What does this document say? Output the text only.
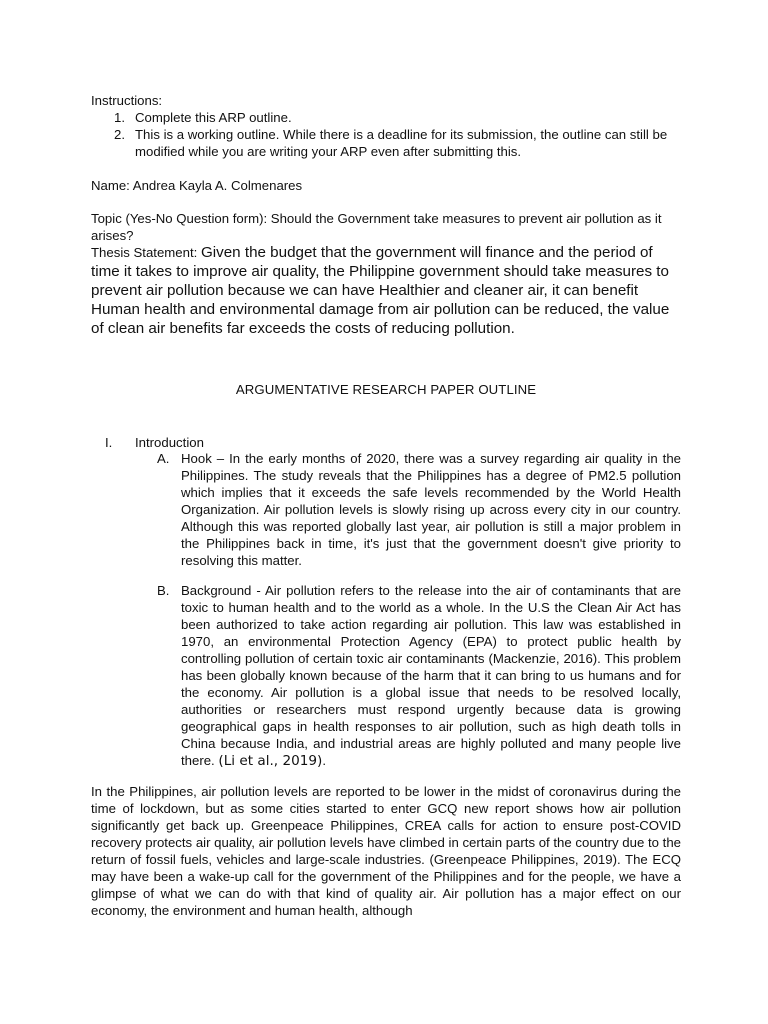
Instructions:
1. Complete this ARP outline.
2. This is a working outline. While there is a deadline for its submission, the outline can still be modified while you are writing your ARP even after submitting this.
Name: Andrea Kayla A. Colmenares
Topic (Yes-No Question form): Should the Government take measures to prevent air pollution as it arises?
Thesis Statement: Given the budget that the government will finance and the period of time it takes to improve air quality, the Philippine government should take measures to prevent air pollution because we can have Healthier and cleaner air, it can benefit Human health and environmental damage from air pollution can be reduced, the value of clean air benefits far exceeds the costs of reducing pollution.
ARGUMENTATIVE RESEARCH PAPER OUTLINE
I.	Introduction
A. Hook – In the early months of 2020, there was a survey regarding air quality in the Philippines. The study reveals that the Philippines has a degree of PM2.5 pollution which implies that it exceeds the safe levels recommended by the World Health Organization. Air pollution levels is slowly rising up across every city in our country. Although this was reported globally last year, air pollution is still a major problem in the Philippines back in time, it's just that the government doesn't give priority to resolving this matter.
B. Background - Air pollution refers to the release into the air of contaminants that are toxic to human health and to the world as a whole. In the U.S the Clean Air Act has been authorized to take action regarding air pollution. This law was established in 1970, an environmental Protection Agency (EPA) to protect public health by controlling pollution of certain toxic air contaminants (Mackenzie, 2016). This problem has been globally known because of the harm that it can bring to us humans and for the economy. Air pollution is a global issue that needs to be resolved locally, authorities or researchers must respond urgently because data is growing geographical gaps in health responses to air pollution, such as high death tolls in China because India, and industrial areas are highly polluted and many people live there. (Li et al., 2019).
In the Philippines, air pollution levels are reported to be lower in the midst of coronavirus during the time of lockdown, but as some cities started to enter GCQ new report shows how air pollution significantly get back up. Greenpeace Philippines, CREA calls for action to ensure post-COVID recovery protects air quality, air pollution levels have climbed in certain parts of the country due to the return of fossil fuels, vehicles and large-scale industries. (Greenpeace Philippines, 2019). The ECQ may have been a wake-up call for the government of the Philippines and for the people, we have a glimpse of what we can do with that kind of quality air. Air pollution has a major effect on our economy, the environment and human health, although
